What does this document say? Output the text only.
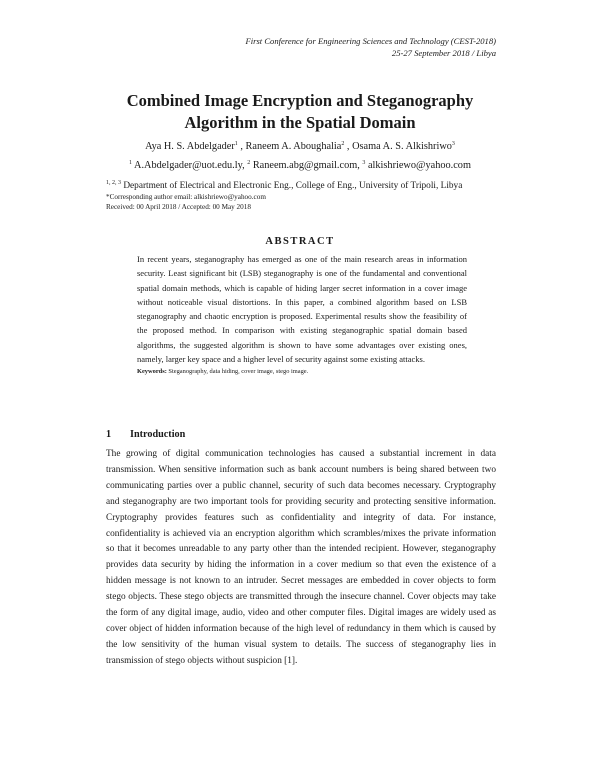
First Conference for Engineering Sciences and Technology (CEST-2018)
25-27 September 2018 / Libya
Combined Image Encryption and Steganography
Algorithm in the Spatial Domain
Aya H. S. Abdelgader$^1$ , Raneem A. Aboughalia$^2$ , Osama A. S. Alkishriwo$^3$
$^1$ A.Abdelgader@uot.edu.ly, $^2$ Raneem.abg@gmail.com, $^3$ alkishriewo@yahoo.com
$^{1, 2, 3}$ Department of Electrical and Electronic Eng., College of Eng., University of Tripoli, Libya
*Corresponding author email: alkishriewo@yahoo.com
Received: 00 April 2018 / Accepted: 00 May 2018
ABSTRACT
In recent years, steganography has emerged as one of the main research areas in information security. Least significant bit (LSB) steganography is one of the fundamental and conventional spatial domain methods, which is capable of hiding larger secret information in a cover image without noticeable visual distortions. In this paper, a combined algorithm based on LSB steganography and chaotic encryption is proposed. Experimental results show the feasibility of the proposed method. In comparison with existing steganographic spatial domain based algorithms, the suggested algorithm is shown to have some advantages over existing ones, namely, larger key space and a higher level of security against some existing attacks.
Keywords: Steganography, data hiding, cover image, stego image.
1 Introduction
The growing of digital communication technologies has caused a substantial increment in data transmission. When sensitive information such as bank account numbers is being shared between two communicating parties over a public channel, security of such data becomes necessary. Cryptography and steganography are two important tools for providing security and protecting sensitive information. Cryptography provides features such as confidentiality and integrity of data. For instance, confidentiality is achieved via an encryption algorithm which scrambles/mixes the private information so that it becomes unreadable to any party other than the intended recipient. However, steganography provides data security by hiding the information in a cover medium so that even the existence of a hidden message is not known to an intruder. Secret messages are embedded in cover objects to form stego objects. These stego objects are transmitted through the insecure channel. Cover objects may take the form of any digital image, audio, video and other computer files. Digital images are widely used as cover object of hidden information because of the high level of redundancy in them which is caused by the low sensitivity of the human visual system to details. The success of steganography lies in transmission of stego objects without suspicion [1].
